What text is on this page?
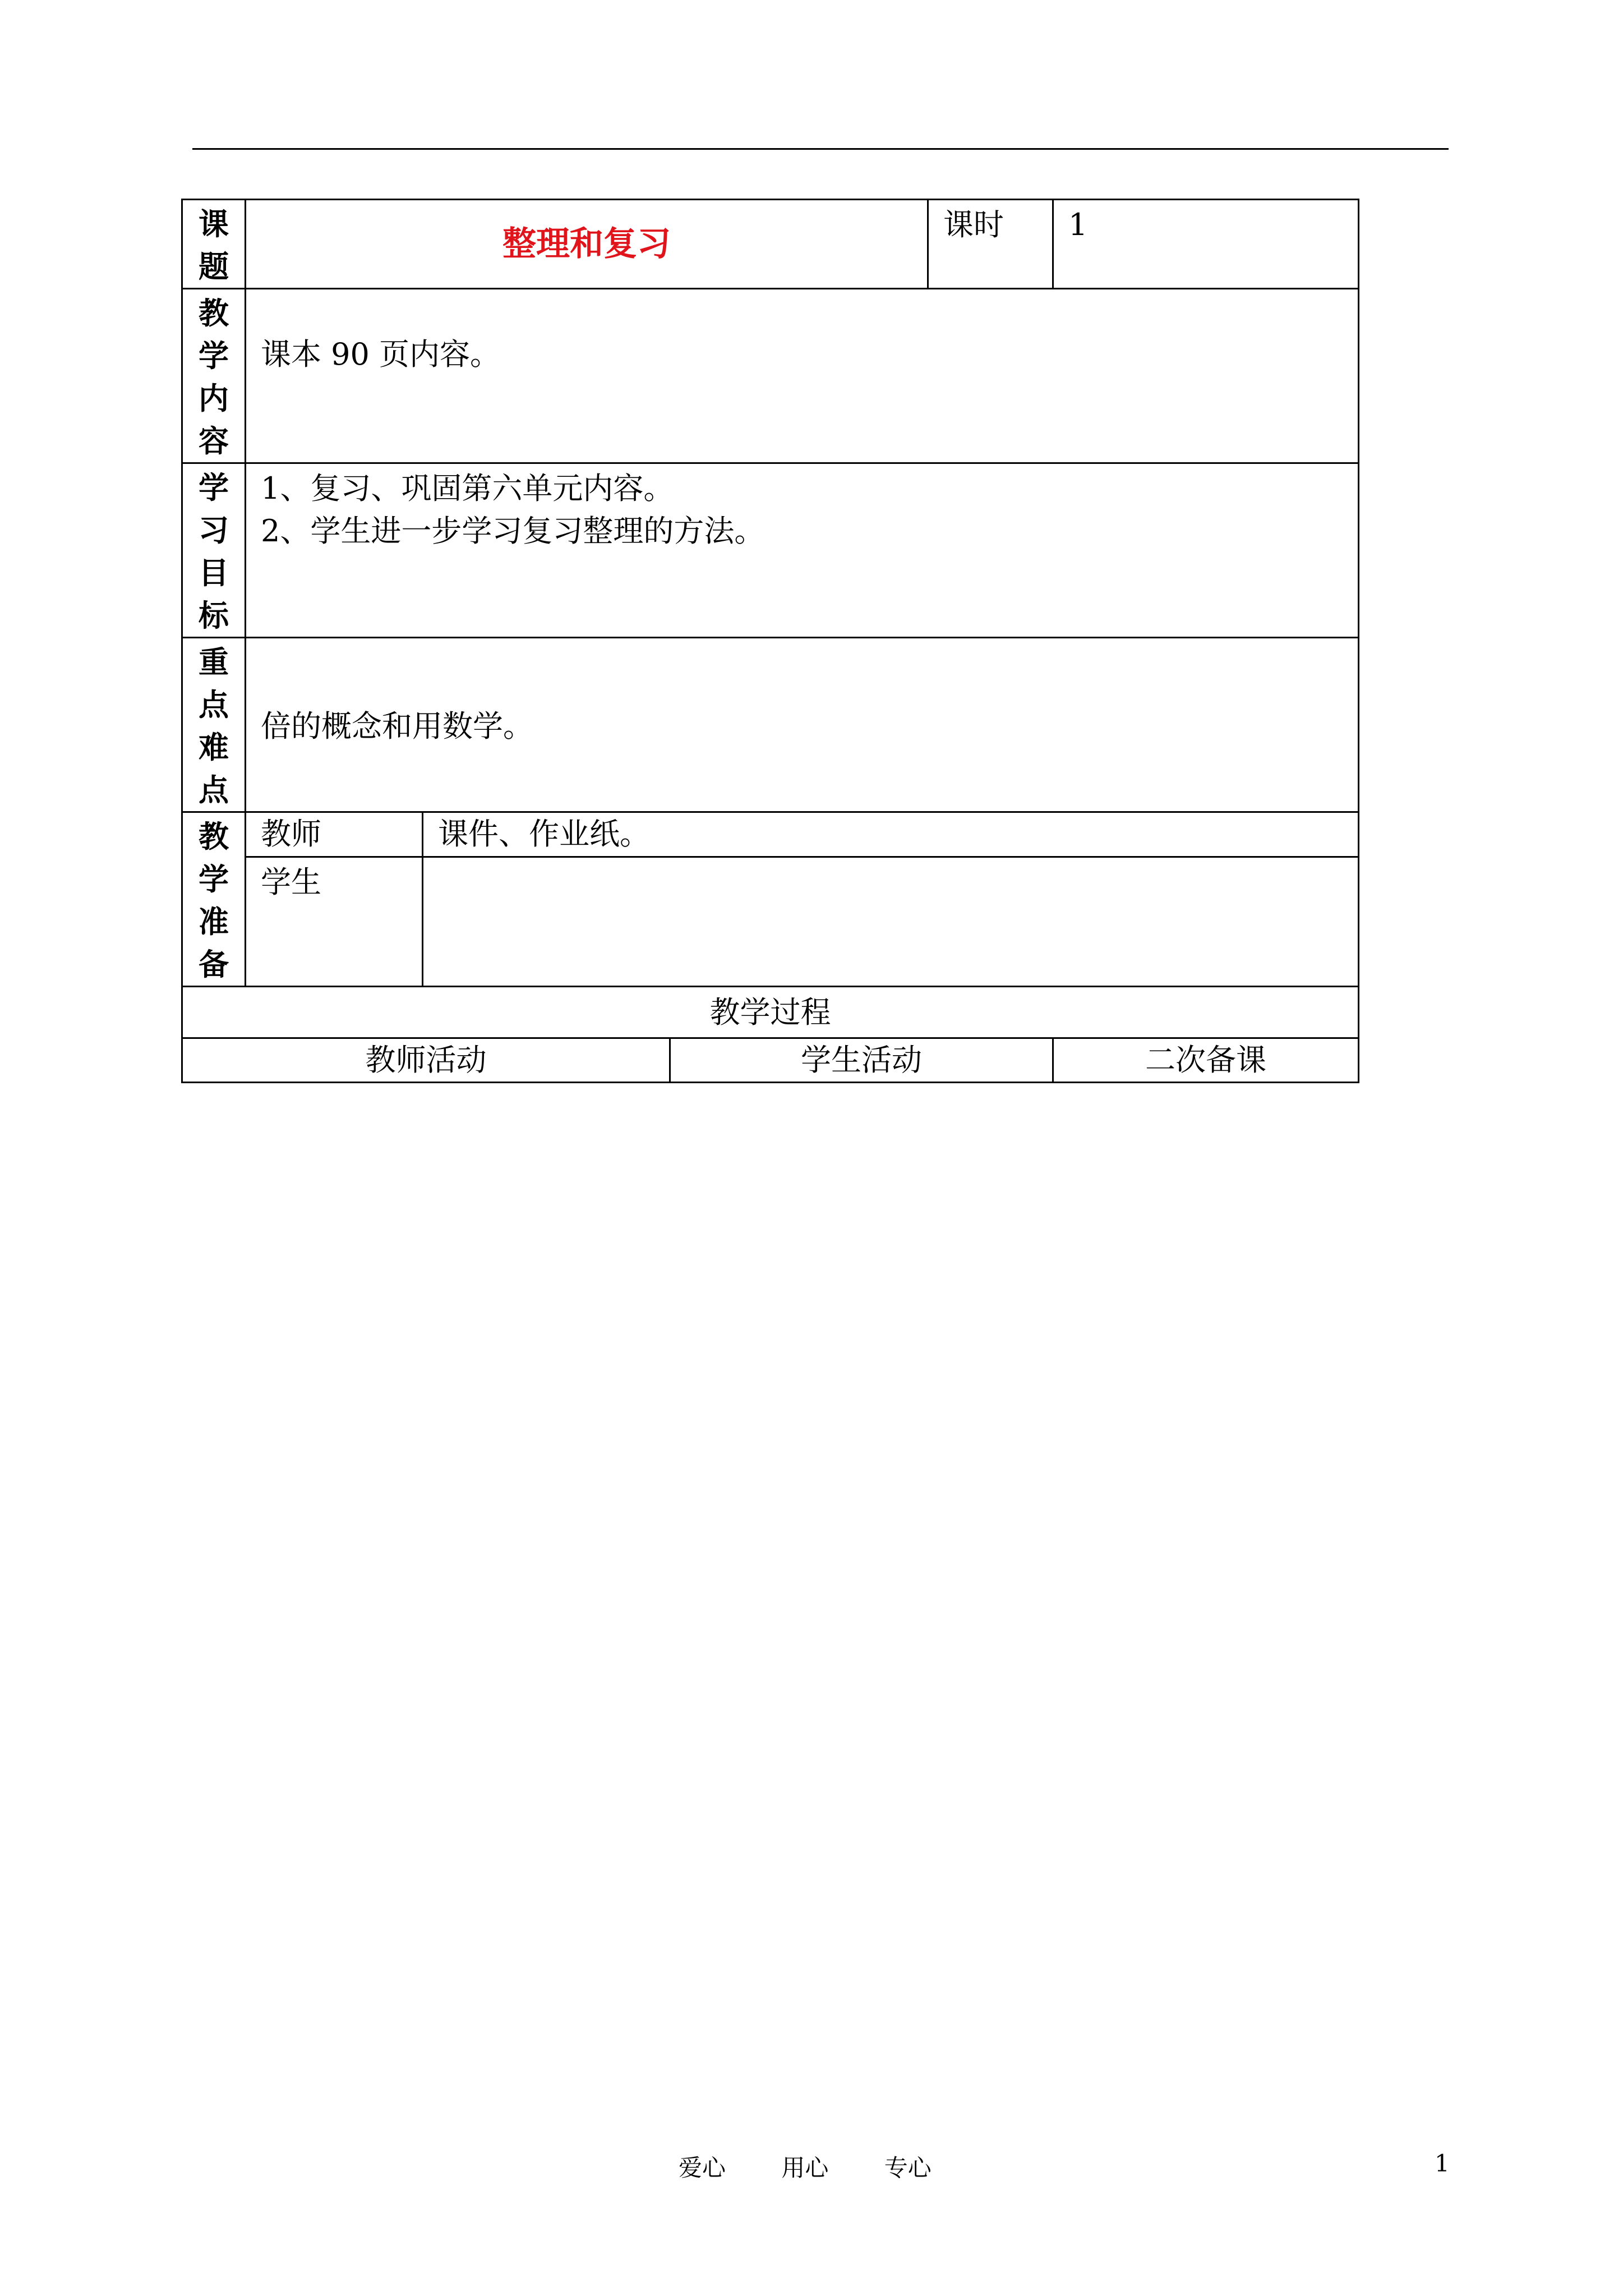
课
题	整理和复习			课时	1

教
学
内
容	课本 90 页内容。				

学
习
目
标	1、复习、巩固第六单元内容。
2、学生进一步学习复习整理的方法。				

重
点
难
点	倍的概念和用数学。				

教
学
准
备	教师	课件、作业纸。			
	学生				
教学过程					
教师活动			学生活动		二次备课
爱心 用心 专心	1
